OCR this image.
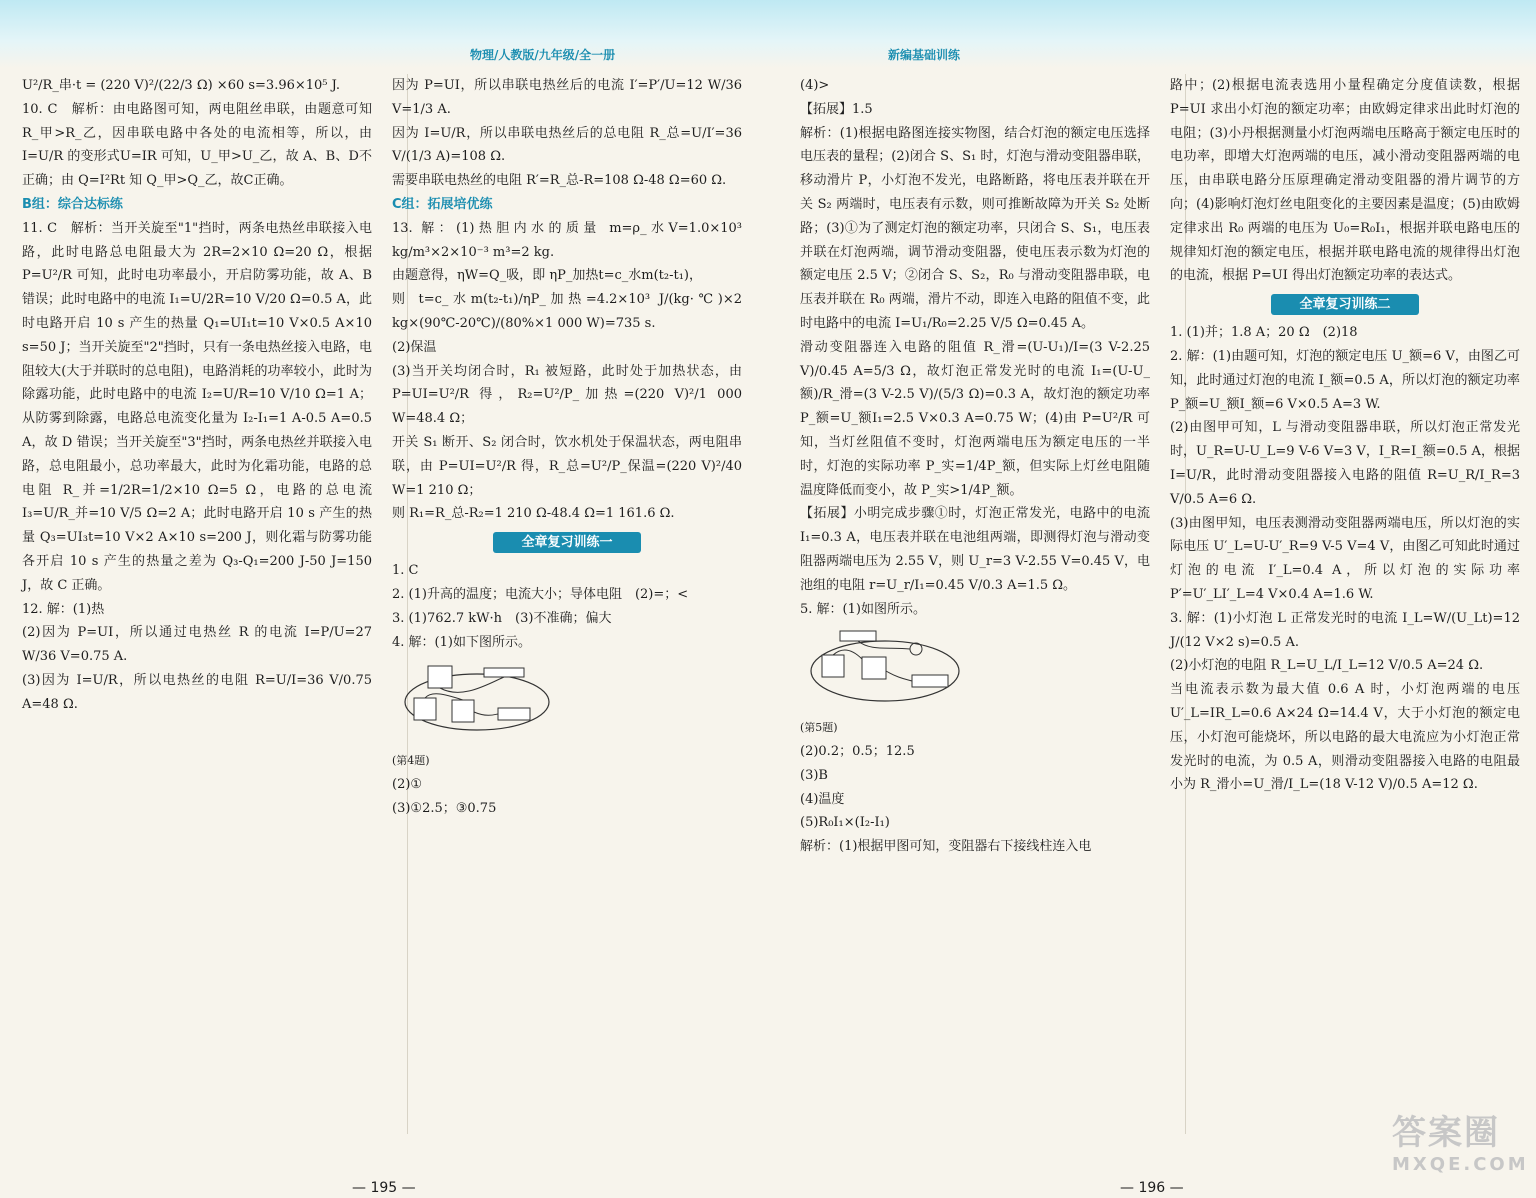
物理/人教版/九年级/全一册	新编基础训练

U²/R_串·t = (220 V)²/(22/3 Ω) ×60 s=3.96×10⁵ J.

10. C　解析：由电路图可知，两电阻丝串联，由题意可知R_甲>R_乙，因串联电路中各处的电流相等，所以，由 I=U/R 的变形式U=IR 可知，U_甲>U_乙，故 A、B、D不正确；由 Q=I²Rt 知 Q_甲>Q_乙，故C正确。

B组：综合达标练

11. C　解析：当开关旋至"1"挡时，两条电热丝串联接入电路，此时电路总电阻最大为 2R=2×10 Ω=20 Ω，根据 P=U²/R 可知，此时电功率最小，开启防雾功能，故 A、B 错误；此时电路中的电流 I₁=U/2R=10 V/20 Ω=0.5 A，此时电路开启 10 s 产生的热量 Q₁=UI₁t=10 V×0.5 A×10 s=50 J；当开关旋至"2"挡时，只有一条电热丝接入电路，电阻较大(大于并联时的总电阻)，电路消耗的功率较小，此时为除露功能，此时电路中的电流 I₂=U/R=10 V/10 Ω=1 A；从防雾到除露，电路总电流变化量为 I₂-I₁=1 A-0.5 A=0.5 A，故 D 错误；当开关旋至"3"挡时，两条电热丝并联接入电路，总电阻最小，总功率最大，此时为化霜功能，电路的总电阻 R_并=1/2R=1/2×10 Ω=5 Ω，电路的总电流 I₃=U/R_并=10 V/5 Ω=2 A；此时电路开启 10 s 产生的热量 Q₃=UI₃t=10 V×2 A×10 s=200 J，则化霜与防雾功能各开启 10 s 产生的热量之差为 Q₃-Q₁=200 J-50 J=150 J，故 C 正确。

12. 解：(1)热

(2)因为 P=UI，所以通过电热丝 R 的电流 I=P/U=27 W/36 V=0.75 A.

(3)因为 I=U/R，所以电热丝的电阻 R=U/I=36 V/0.75 A=48 Ω.

因为 P=UI，所以串联电热丝后的电流 I′=P′/U=12 W/36 V=1/3 A.

因为 I=U/R，所以串联电热丝后的总电阻 R_总=U/I′=36 V/(1/3 A)=108 Ω.

需要串联电热丝的电阻 R′=R_总-R=108 Ω-48 Ω=60 Ω.

C组：拓展培优练

13. 解：(1)热胆内水的质量 m=ρ_水V=1.0×10³ kg/m³×2×10⁻³ m³=2 kg.

由题意得，ηW=Q_吸，即 ηP_加热t=c_水m(t₂-t₁)，

则 t=c_水m(t₂-t₁)/ηP_加热=4.2×10³ J/(kg·℃)×2 kg×(90℃-20℃)/(80%×1 000 W)=735 s.

(2)保温

(3)当开关均闭合时，R₁ 被短路，此时处于加热状态，由 P=UI=U²/R 得，R₂=U²/P_加热=(220 V)²/1 000 W=48.4 Ω；

开关 S₁ 断开、S₂ 闭合时，饮水机处于保温状态，两电阻串联，由 P=UI=U²/R 得，R_总=U²/P_保温=(220 V)²/40 W=1 210 Ω；

则 R₁=R_总-R₂=1 210 Ω-48.4 Ω=1 161.6 Ω.

全章复习训练一

1. C

2. (1)升高的温度；电流大小；导体电阻　(2)=；<

3. (1)762.7 kW·h　(3)不准确；偏大

4. 解：(1)如下图所示。

(第4题)

(2)①

(3)①2.5；③0.75

— 195 —

(4)>

【拓展】1.5

解析：(1)根据电路图连接实物图，结合灯泡的额定电压选择电压表的量程；(2)闭合 S、S₁ 时，灯泡与滑动变阻器串联，移动滑片 P，小灯泡不发光，电路断路，将电压表并联在开关 S₂ 两端时，电压表有示数，则可推断故障为开关 S₂ 处断路；(3)①为了测定灯泡的额定功率，只闭合 S、S₁，电压表并联在灯泡两端，调节滑动变阻器，使电压表示数为灯泡的额定电压 2.5 V；②闭合 S、S₂，R₀ 与滑动变阻器串联，电压表并联在 R₀ 两端，滑片不动，即连入电路的阻值不变，此时电路中的电流 I=U₁/R₀=2.25 V/5 Ω=0.45 A。

滑动变阻器连入电路的阻值 R_滑=(U-U₁)/I=(3 V-2.25 V)/0.45 A=5/3 Ω，故灯泡正常发光时的电流 I₁=(U-U_额)/R_滑=(3 V-2.5 V)/(5/3 Ω)=0.3 A，故灯泡的额定功率 P_额=U_额I₁=2.5 V×0.3 A=0.75 W；(4)由 P=U²/R 可知，当灯丝阻值不变时，灯泡两端电压为额定电压的一半时，灯泡的实际功率 P_实=1/4P_额，但实际上灯丝电阻随温度降低而变小，故 P_实>1/4P_额。

【拓展】小明完成步骤①时，灯泡正常发光，电路中的电流 I₁=0.3 A，电压表并联在电池组两端，即测得灯泡与滑动变阻器两端电压为 2.55 V，则 U_r=3 V-2.55 V=0.45 V，电池组的电阻 r=U_r/I₁=0.45 V/0.3 A=1.5 Ω。

5. 解：(1)如图所示。

(第5题)

(2)0.2；0.5；12.5

(3)B

(4)温度

(5)R₀I₁×(I₂-I₁)

解析：(1)根据甲图可知，变阻器右下接线柱连入电

路中；(2)根据电流表选用小量程确定分度值读数，根据 P=UI 求出小灯泡的额定功率；由欧姆定律求出此时灯泡的电阻；(3)小丹根据测量小灯泡两端电压略高于额定电压时的电功率，即增大灯泡两端的电压，减小滑动变阻器两端的电压，由串联电路分压原理确定滑动变阻器的滑片调节的方向；(4)影响灯泡灯丝电阻变化的主要因素是温度；(5)由欧姆定律求出 R₀ 两端的电压为 U₀=R₀I₁，根据并联电路电压的规律知灯泡的额定电压，根据并联电路电流的规律得出灯泡的电流，根据 P=UI 得出灯泡额定功率的表达式。

全章复习训练二

1. (1)并；1.8 A；20 Ω　(2)18

2. 解：(1)由题可知，灯泡的额定电压 U_额=6 V，由图乙可知，此时通过灯泡的电流 I_额=0.5 A，所以灯泡的额定功率 P_额=U_额I_额=6 V×0.5 A=3 W.

(2)由图甲可知，L 与滑动变阻器串联，所以灯泡正常发光时，U_R=U-U_L=9 V-6 V=3 V，I_R=I_额=0.5 A，根据 I=U/R，此时滑动变阻器接入电路的阻值 R=U_R/I_R=3 V/0.5 A=6 Ω.

(3)由图甲知，电压表测滑动变阻器两端电压，所以灯泡的实际电压 U′_L=U-U′_R=9 V-5 V=4 V，由图乙可知此时通过灯泡的电流 I′_L=0.4 A，所以灯泡的实际功率 P′=U′_LI′_L=4 V×0.4 A=1.6 W.

3. 解：(1)小灯泡 L 正常发光时的电流 I_L=W/(U_Lt)=12 J/(12 V×2 s)=0.5 A.

(2)小灯泡的电阻 R_L=U_L/I_L=12 V/0.5 A=24 Ω.

当电流表示数为最大值 0.6 A 时，小灯泡两端的电压 U′_L=IR_L=0.6 A×24 Ω=14.4 V，大于小灯泡的额定电压，小灯泡可能烧坏，所以电路的最大电流应为小灯泡正常发光时的电流，为 0.5 A，则滑动变阻器接入电路的电阻最小为 R_滑小=U_滑/I_L=(18 V-12 V)/0.5 A=12 Ω.

— 196 —
答案圈
MXQE.COM
